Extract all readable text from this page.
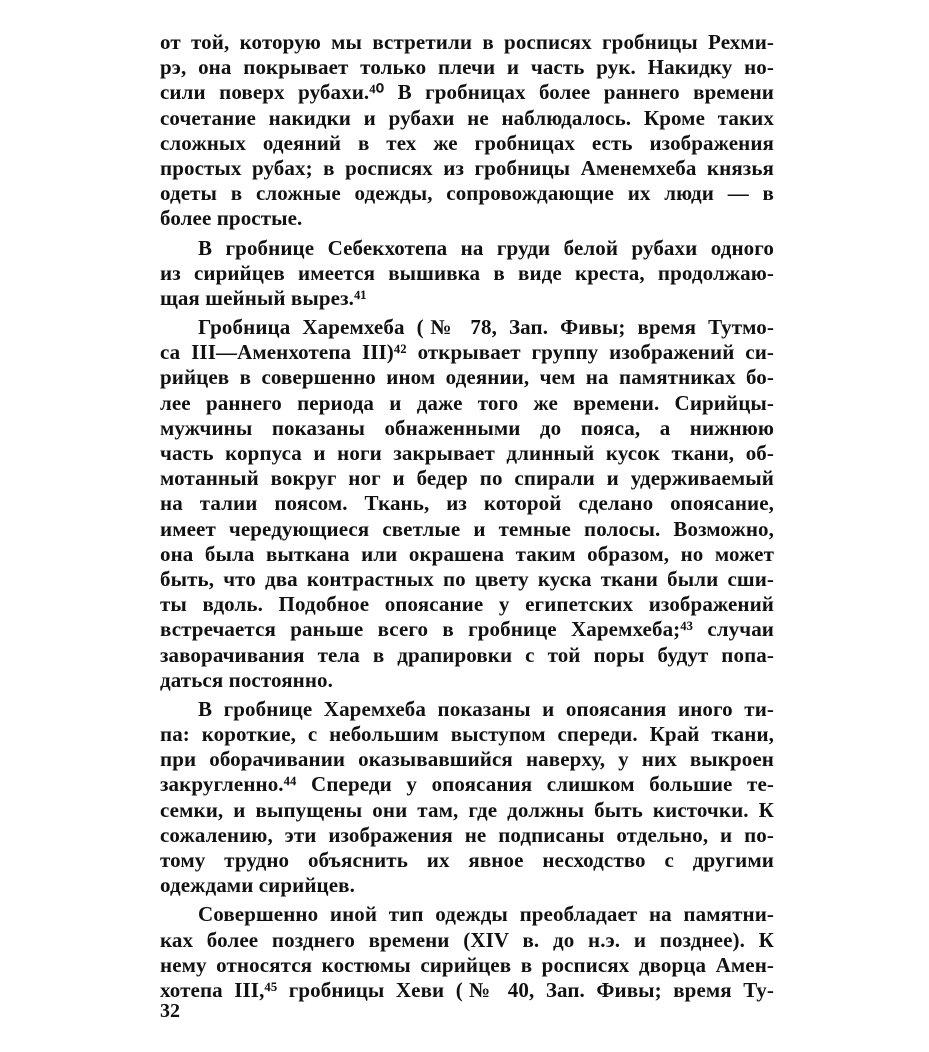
от той, которую мы встретили в росписях гробницы Рехми-
рэ, она покрывает только плечи и часть рук. Накидку но-
сили поверх рубахи.⁴⁰ В гробницах более раннего времени
сочетание накидки и рубахи не наблюдалось. Кроме таких
сложных одеяний в тех же гробницах есть изображения
простых рубах; в росписях из гробницы Аменемхеба князья
одеты в сложные одежды, сопровождающие их люди — в
более простые.
В гробнице Себекхотепа на груди белой рубахи одного
из сирийцев имеется вышивка в виде креста, продолжаю-
щая шейный вырез.⁴¹
Гробница Харемхеба (№ 78, Зап. Фивы; время Тутмо-
са III—Аменхотепа III)⁴² открывает группу изображений си-
рийцев в совершенно ином одеянии, чем на памятниках бо-
лее раннего периода и даже того же времени. Сирийцы-
мужчины показаны обнаженными до пояса, а нижнюю
часть корпуса и ноги закрывает длинный кусок ткани, об-
мотанный вокруг ног и бедер по спирали и удерживаемый
на талии поясом. Ткань, из которой сделано опоясание,
имеет чередующиеся светлые и темные полосы. Возможно,
она была выткана или окрашена таким образом, но может
быть, что два контрастных по цвету куска ткани были сши-
ты вдоль. Подобное опоясание у египетских изображений
встречается раньше всего в гробнице Харемхеба;⁴³ случаи
заворачивания тела в драпировки с той поры будут попа-
даться постоянно.
В гробнице Харемхеба показаны и опоясания иного ти-
па: короткие, с небольшим выступом спереди. Край ткани,
при оборачивании оказывавшийся наверху, у них выкроен
закругленно.⁴⁴ Спереди у опоясания слишком большие те-
семки, и выпущены они там, где должны быть кисточки. К
сожалению, эти изображения не подписаны отдельно, и по-
тому трудно объяснить их явное несходство с другими
одеждами сирийцев.
Совершенно иной тип одежды преобладает на памятни-
ках более позднего времени (XIV в. до н.э. и позднее). К
нему относятся костюмы сирийцев в росписях дворца Амен-
хотепа III,⁴⁵ гробницы Хеви (№ 40, Зап. Фивы; время Ту-
32
